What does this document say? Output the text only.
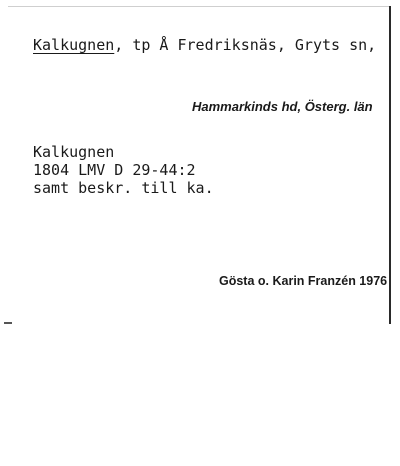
Kalkugnen, tp Å Fredriksnäs, Gryts sn,
Hammarkinds hd, Österg. län
Kalkugnen
1804 LMV D 29-44:2
samt beskr. till ka.
Gösta o. Karin Franzén 1976
